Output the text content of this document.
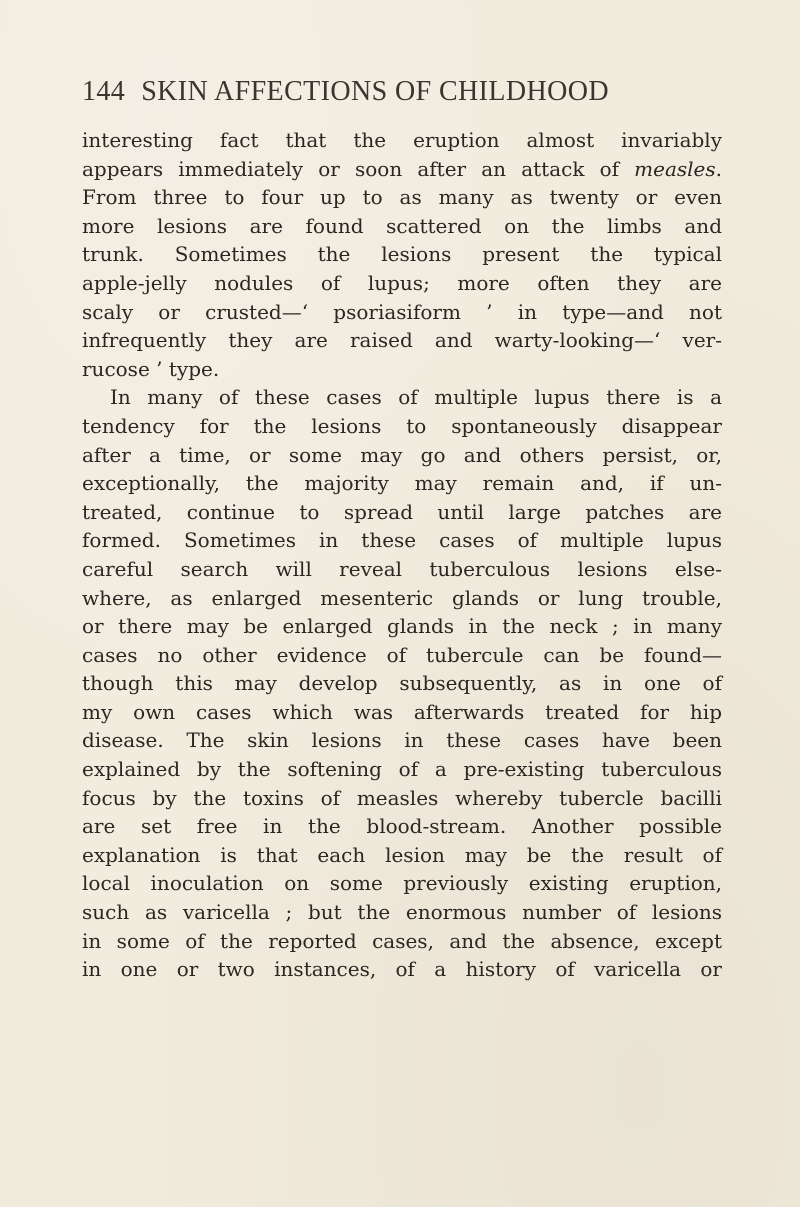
144 SKIN AFFECTIONS OF CHILDHOOD
interesting fact that the eruption almost invariably
appears immediately or soon after an attack of measles.
From three to four up to as many as twenty or even
more lesions are found scattered on the limbs and
trunk. Sometimes the lesions present the typical
apple-jelly nodules of lupus; more often they are
scaly or crusted—‘ psoriasiform ’ in type—and not
infrequently they are raised and warty-looking—‘ ver-
rucose ’ type.
In many of these cases of multiple lupus there is a
tendency for the lesions to spontaneously disappear
after a time, or some may go and others persist, or,
exceptionally, the majority may remain and, if un-
treated, continue to spread until large patches are
formed. Sometimes in these cases of multiple lupus
careful search will reveal tuberculous lesions else-
where, as enlarged mesenteric glands or lung trouble,
or there may be enlarged glands in the neck ; in many
cases no other evidence of tubercule can be found—
though this may develop subsequently, as in one of
my own cases which was afterwards treated for hip
disease. The skin lesions in these cases have been
explained by the softening of a pre-existing tuberculous
focus by the toxins of measles whereby tubercle bacilli
are set free in the blood-stream. Another possible
explanation is that each lesion may be the result of
local inoculation on some previously existing eruption,
such as varicella ; but the enormous number of lesions
in some of the reported cases, and the absence, except
in one or two instances, of a history of varicella or
